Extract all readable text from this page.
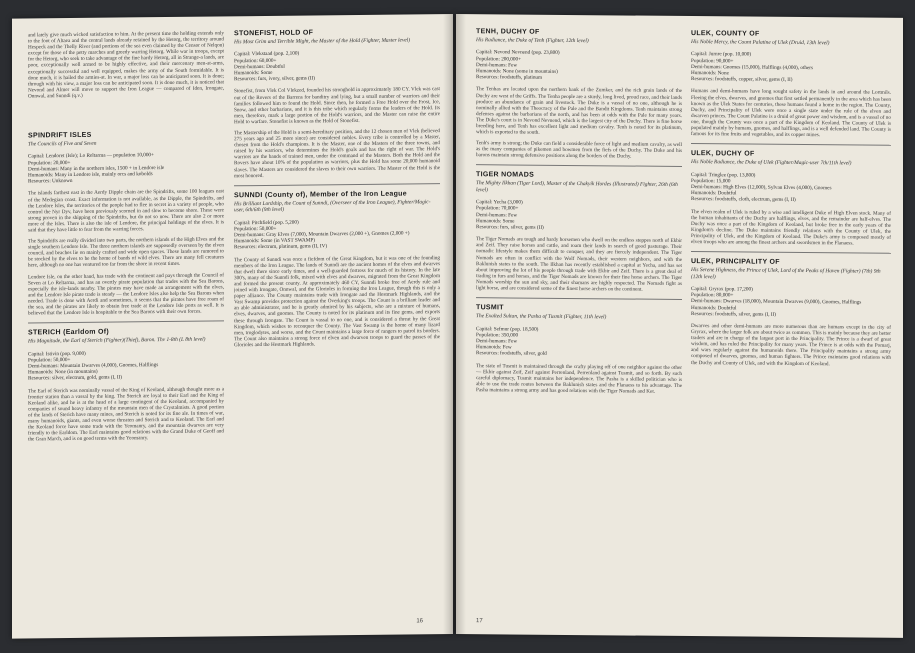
and lately give much wicked satisfaction to him. At the present time the holding extends only to the foot of Altaea and the central lands already retained by the Hetorg, the territory around Hespeck and the Thelly River (and portions of the sea even claimed by the Censor of Nelqon) except for those of the petty marches and greedy warring Hetorg. While war in troops, except for the Hetorg, who seek to take advantage of the fine hardy Hetorg, all in Strange-a lands, are poor, exceptionally well armed to be highly effective, and their mercenary men-at-arms, exceptionally successful and well equipped, makes the army of the South formidable. It is done much, it is hailed the armies-at. In war, a major loss can be anticipated soon. It is done; through with his view, a major loss can be anticipated soon. It is done much, it is noticed that Nevond and Almer will move to support the Iron League — compared of Iden, Irongate, Onnwal, and Sunndi (q.v.)

SPINDRIFT ISLES

The Councils of Five and Seven

Capital: Lendoret (Isle); Lo Reltarma — population 10,000+
Population: 20,000+
Demi-humans: Many in the northern isles, 1500 + in Lendore isle
Humanoids: Many in Lendore isle, mainly orcs and kobolds
Resources: Unknown

The islands farthest east in the Aerdy Dipple chain are the Spindrifts, some 100 leagues east of the Medegian coast. Exact information is not available, as the Dipple, the Spindrifts, and the Lendore Isles, the territories of the people had to flee in secret in a variety of people, who control the Nyr Dyv, have been previously scorned in and slow to become shore. These were strong proven in the shipping of the Spindrifts, but do not so now. There are also 2 or more more of the Isles. There is also the isle of Lendore, the principal holdings of the elves. It is said that they have little to fear from the warring forces.

The Spindrifts are really divided into two parts, the northern islands of the High Elves and the single southern Lendore Isle. The three northern islands are supposedly overseen by the elven council, and beaches lie on mainly crafted and wide open spaces. These lands are rumored to be stocked by the elves to be the home of bands of wild elves. There are many fell creatures here, although no one has ventured too far from the shore in recent times.

Lendore Isle, on the other hand, has trade with the continent and pays through the Council of Seven at Lo Reltarma, and has an overtly pirate population that trades with the Sea Barons, especially the isle-lands nearby. The pirates may have made an arrangement with the elves, and the Lendore Isle pirate trade is steady — the Lendore Isles also help the Sea Barons when needed. Trade is done with Aerdi and sometimes, it seems that the pirates have free roam of the sea, and the pirates are likely to obtain free trade at the Lendore Isle ports as well. It is believed that the Lendore Isle is hospitable to the Sea Barons with their own forces.

STERICH (Earldom Of)

His Magnitude, the Earl of Sterich (Fighter)(Thief), Baron. Thv 1-8th (L 8th level)

Capital: Istivin (pop. 9,000)
Population: 50,000+
Demi-humans: Mountain Dwarves (4,000), Gnomes, Halflings
Humanoids: None (in mountains)
Resources: silver, electrum, gold, gems (I, II)

The Earl of Sterich was nominally vassal of the King of Keoland, although thought more as a frontier station than a vassal by the king. The Sterich are loyal to their Earl and the King of Keoland alike, and he is at the head of a large contingent of the Keoland, accompanied by companies of sound heavy infantry of the mountain men of the Crystalmists. A good portion of the lands of Sterich have many mines, and Sterich is noted for its fine ale. In times of war, many humanoids, giants, and even worse threaten and Sterich and to Keoland. The Earl and the Keoland force have some trade with the Yeomanry, and the mountain dwarves are very friendly to the Earldom. The Earl maintains good relations with the Grand Duke of Geoff and the Gran March, and is on good terms with the Yeomanry.

STONEFIST, HOLD OF

His Most Grim and Terrible Might, the Master of the Hold (Fighter, Master level)

Capital: Vlekstaad (pop. 2,100)
Population: 60,000+
Demi-humans: Doubtful
Humanoids: Some
Resources: furs, ivory, silver, gems (II)

Stonefist, from Vlek Col Vlekzed, founded his stronghold in approximately 180 CY. Vlek was cast out of the Rovers of the Barrens for banditry and lying, but a small number of warriors and their families followed him to found the Hold. Since then, he formed a Free Hold over the Frost, Ice, Snow, and other barbarians, and it is this tribe which regularly forms the leaders of the Hold. Its men, therefore, mark a large portion of the Hold's warriors, and the Master can raise the entire Hold to warfare. Stonefist is known as the Hold of Stonefist.

The Mastership of the Hold is a semi-hereditary position, and the 12 chosen men of Vlek (believed 275 years ago and 25 more since) are considered nobles. Every tribe is controlled by a Master, chosen from the Hold's champions. It is the Master, one of the Masters of the three towns, and raised by his warriors, who determines the Hold's goals and has the right of war. The Hold's warriors are the bands of trained men, under the command of the Masters. Both the Hold and the Rovers have about 10% of the population as warriors, plus the Hold has some 20,000 humanoid slaves. The Masters are considered the slaves to their own warriors. The Master of the Hold is the most honored.

SUNNDI (County of), Member of the Iron League

His Brilliant Lordship, the Count of Sunndi, (Overseer of the Iron League), Fighter/Magic-user, 6th/6th (9th level)

Capital: Pitchfield (pop. 5,200)
Population: 50,000+
Demi-humans: Gray Elves (7,000), Mountain Dwarves (2,000 +), Gnomes (2,000 +)
Humanoids: Some (in VAST SWAMP)
Resources: electrum, platinum, gems (II, IV)

The County of Sunndi was once a fiefdom of the Great Kingdom, but it was one of the founding members of the Iron League. The lands of Sunndi are the ancient homes of the elves and dwarves that dwelt there since early times, and a well-guarded fortress for much of its history. In the late 300's, many of the Sunndi folk, mixed with elves and dwarves, migrated from the Great Kingdom and formed the present county. At approximately 460 CY, Sunndi broke free of Aerdy rule and joined with Irongate, Onnwal, and the Glorioles in forming the Iron League, though this is only a paper alliance. The County maintains trade with Irongate and the Hestmark Highlands, and the Vast Swamp provides protection against the Overking's troops. The Count is a brilliant leader and an able administrator, and he is greatly admired by his subjects, who are a mixture of humans, elves, dwarves, and gnomes. The County is noted for its platinum and its fine gems, and exports these through Irongate. The Count is vassal to no one, and is considered a threat by the Great Kingdom, which wishes to reconquer the County. The Vast Swamp is the home of many lizard men, troglodytes, and worse, and the Count maintains a large force of rangers to patrol its borders. The Count also maintains a strong force of elven and dwarven troops to guard the passes of the Glorioles and the Hestmark Highlands.

16

TENH, DUCHY OF

His Radiance, the Duke of Tenh (Fighter, 12th level)

Capital: Nevond Nevnend (pop. 23,800)
Population: 200,000+
Demi-humans: Few
Humanoids: None (some in mountains)
Resources: foodstuffs, platinum

The Tenhas are located upon the northern bank of the Zumker, and the rich grain lands of the Duchy are west of the Griffs. The Tenha people are a sturdy, long lived, proud race, and their lands produce an abundance of grain and livestock. The Duke is a vassal of no one, although he is nominally allied with the Theocracy of the Pale and the Bandit Kingdoms. Tenh maintains strong defenses against the barbarians of the north, and has been at odds with the Pale for many years. The Duke's court is in Nevond Nevnend, which is the largest city of the Duchy. There is fine horse breeding here, and Tenh has excellent light and medium cavalry. Tenh is noted for its platinum, which is exported to the south.

Tenh's army is strong; the Duke can field a considerable force of light and medium cavalry, as well as the many companies of pikemen and bowmen from the fiefs of the Duchy. The Duke and his barons maintain strong defensive positions along the borders of the Duchy.

TIGER NOMADS

The Mighty Ilkhan (Tiger Lord), Master of the Chakyik Hordes (Illustrated) Fighter, 26th (6th level)

Capital: Yecha (3,000)
Population: 70,000+
Demi-humans: Few
Humanoids: Some
Resources: furs, silver, gems (II)

The Tiger Nomads are tough and hardy horsemen who dwell on the endless steppes north of Ekbir and Zeif. They raise horses and cattle, and roam their lands in search of good pasturage. Their nomadic lifestyle makes them difficult to conquer, and they are fiercely independent. The Tiger Nomads are often in conflict with the Wolf Nomads, their western neighbors, and with the Baklunish states to the south. The Ilkhan has recently established a capital at Yecha, and has set about improving the lot of his people through trade with Ekbir and Zeif. There is a great deal of trading in furs and horses, and the Tiger Nomads are known for their fine horse archers. The Tiger Nomads worship the sun and sky, and their shamans are highly respected. The Nomads fight as light horse, and are considered some of the finest horse archers on the continent.

TUSMIT

The Exalted Sultan, the Pasha of Tusmit (Fighter, 11th level)

Capital: Sefmur (pop. 18,500)
Population: 350,000
Demi-humans: Few
Humanoids: Few
Resources: foodstuffs, silver, gold

The state of Tusmit is maintained through the crafty playing off of one neighbor against the other — Ekbir against Zeif, Zeif against Perrenland, Perrenland against Tusmit, and so forth. By such careful diplomacy, Tusmit maintains her independence. The Pasha is a skilled politician who is able to use the trade routes between the Baklunish states and the Flanaess to his advantage. The Pasha maintains a strong army and has good relations with the Tiger Nomads and Ket.

ULEK, COUNTY OF

His Noble Mercy, the Count Palatine of Ulek (Druid, 13th level)

Capital: Jurnre (pop. 10,000)
Population: 90,000+
Demi-humans: Gnomes (15,000), Halflings (4,000), others
Humanoids: None
Resources: foodstuffs, copper, silver, gems (I, II)

Humans and demi-humans have long sought safety in the lands in and around the Lortmils. Fleeing the elves, dwarves, and gnomes that first settled permanently in the area which has been known as the Ulek States for centuries, these humans found a home in the region. The County, Duchy, and Principality of Ulek were once a single state under the rule of the elven and dwarven princes. The Count Palatine is a druid of great power and wisdom, and is a vassal of no one, though the County was once a part of the Kingdom of Keoland. The County of Ulek is populated mainly by humans, gnomes, and halflings, and is a well defended land. The County is famous for its fine fruits and vegetables, and its copper mines.

ULEK, DUCHY OF

His Noble Radiance, the Duke of Ulek (Fighter/Magic-user 7th/11th level)

Capital: Tringlee (pop. 13,800)
Population: 15,000
Demi-humans: High Elves (12,000), Sylvan Elves (4,000), Gnomes
Humanoids: Doubtful
Resources: foodstuffs, cloth, electrum, gems (I, II)

The elven realm of Ulek is ruled by a wise and intelligent Duke of High Elven stock. Many of the human inhabitants of the Duchy are halflings, elves, and the remainder are half-elves. The Duchy was once a part of the Kingdom of Keoland, but broke free in the early years of the Kingdom's decline. The Duke maintains friendly relations with the County of Ulek, the Principality of Ulek, and the Kingdom of Keoland. The Duke's army is composed mostly of elven troops who are among the finest archers and swordsmen in the Flanaess.

ULEK, PRINCIPALITY OF

His Serene Highness, the Prince of Ulek, Lord of the Peaks of Haven (Fighter) (7th) 9th (12th level)

Capital: Gryrax (pop. 17,200)
Population: 80,000+
Demi-humans: Dwarves (18,000), Mountain Dwarves (9,000), Gnomes, Halflings
Humanoids: Doubtful
Resources: foodstuffs, silver, gems (I, II)

Dwarves and other demi-humans are more numerous than are humans except in the city of Gryrax, where the larger folk are about twice as common. This is mainly because they are better traders and are in charge of the largest port in the Principality. The Prince is a dwarf of great wisdom, and has ruled the Principality for many years. The Prince is at odds with the Pomarj, and wars regularly against the humanoids there. The Principality maintains a strong army composed of dwarves, gnomes, and human fighters. The Prince maintains good relations with the Duchy and County of Ulek, and with the Kingdom of Keoland.

17
